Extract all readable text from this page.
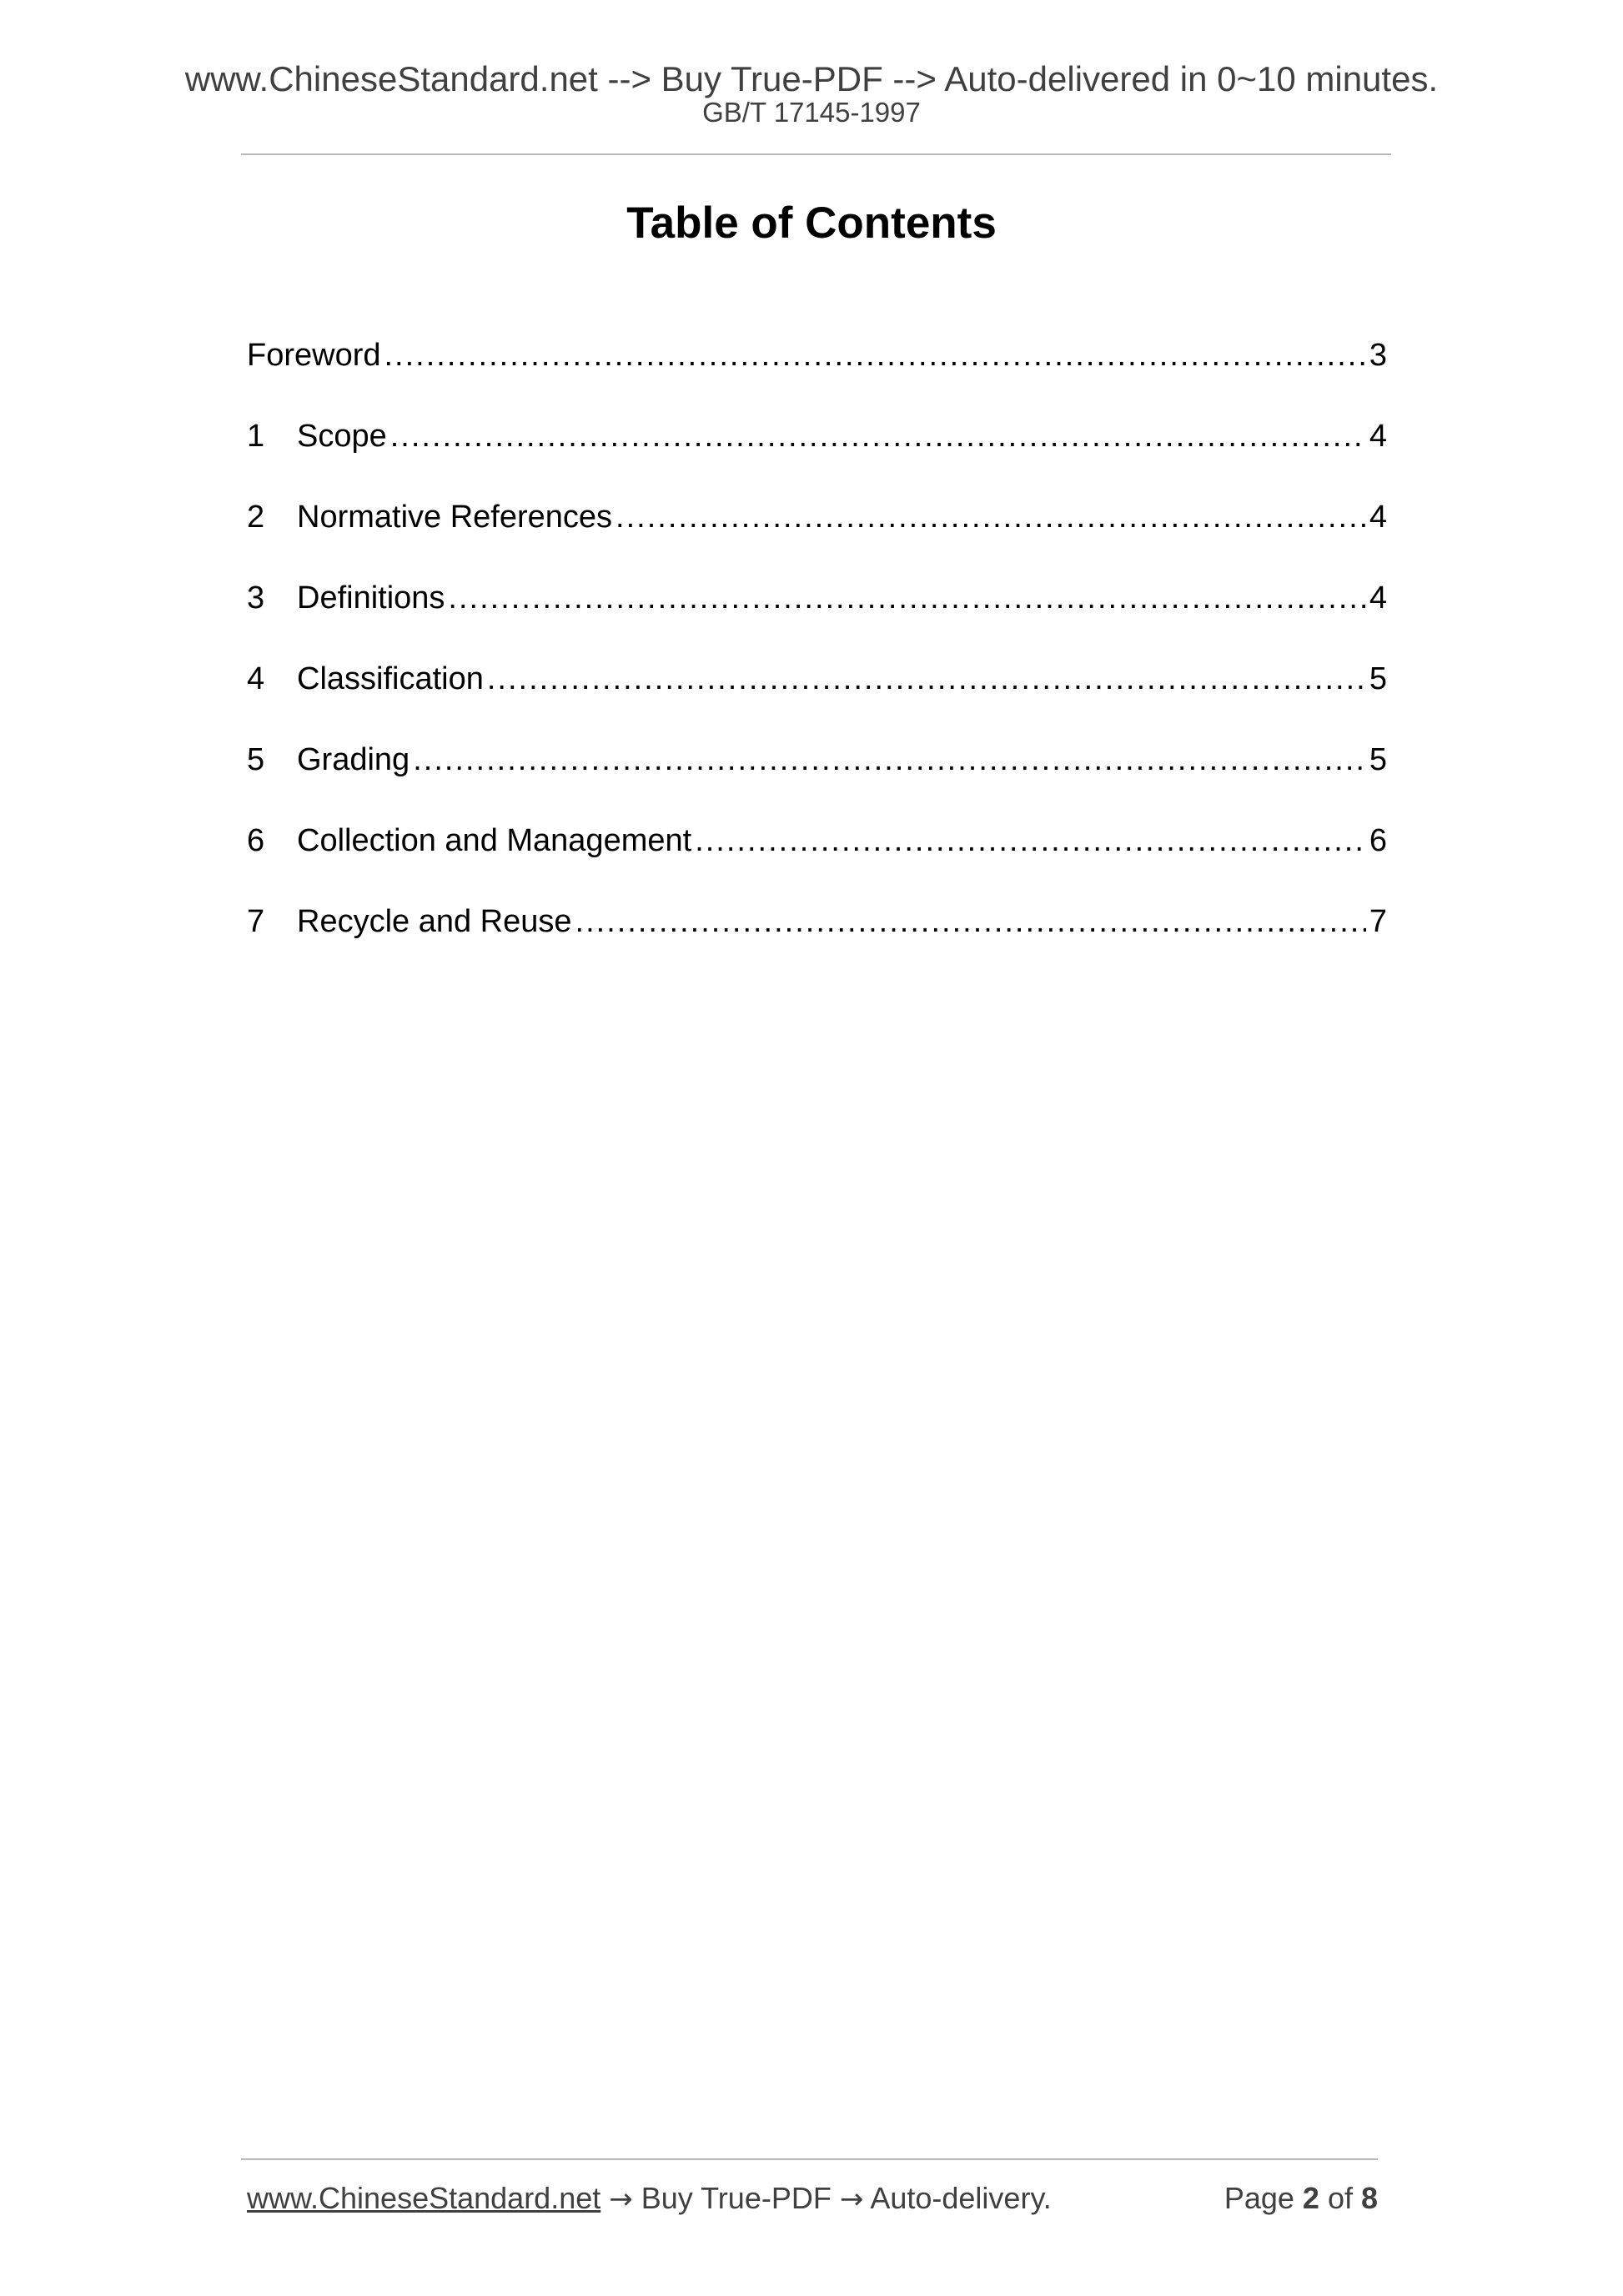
www.ChineseStandard.net --> Buy True-PDF --> Auto-delivered in 0~10 minutes.
GB/T 17145-1997
Table of Contents
Foreword .....	3
1	Scope .....	4
2	Normative References .....	4
3	Definitions .....	4
4	Classification .....	5
5	Grading .....	5
6	Collection and Management .....	6
7	Recycle and Reuse .....	7
www.ChineseStandard.net → Buy True-PDF → Auto-delivery.	Page 2 of 8
